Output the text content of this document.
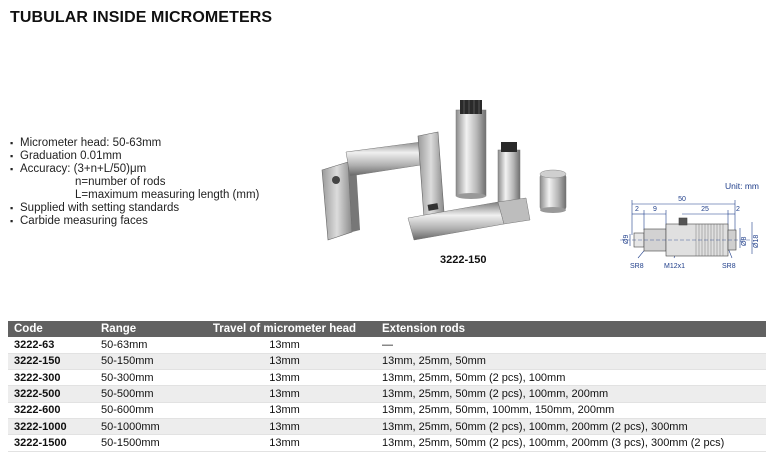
TUBULAR INSIDE MICROMETERS
▪ Micrometer head: 50-63mm
▪ Graduation 0.01mm
▪ Accuracy: (3+n+L/50)μm
n=number of rods
L=maximum measuring length (mm)
▪ Supplied with setting standards
▪ Carbide measuring faces
3222-150
Unit: mm
50
2 9	25	2
Ø9	Ø8 Ø18
SR8	M12x1	SR8
Code	Range	Travel of micrometer head	Extension rods
3222-63	50-63mm	13mm	—
3222-150	50-150mm	13mm	13mm, 25mm, 50mm
3222-300	50-300mm	13mm	13mm, 25mm, 50mm (2 pcs), 100mm
3222-500	50-500mm	13mm	13mm, 25mm, 50mm (2 pcs), 100mm, 200mm
3222-600	50-600mm	13mm	13mm, 25mm, 50mm, 100mm, 150mm, 200mm
3222-1000	50-1000mm	13mm	13mm, 25mm, 50mm (2 pcs), 100mm, 200mm (2 pcs), 300mm
3222-1500	50-1500mm	13mm	13mm, 25mm, 50mm (2 pcs), 100mm, 200mm (3 pcs), 300mm (2 pcs)
